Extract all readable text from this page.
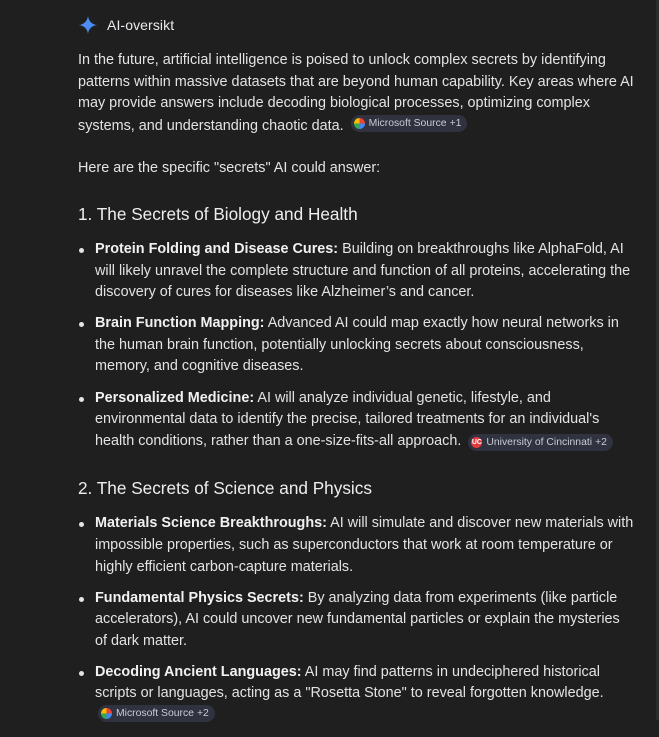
AI-oversikt

In the future, artificial intelligence is poised to unlock complex secrets by identifying patterns within massive datasets that are beyond human capability. Key areas where AI may provide answers include decoding biological processes, optimizing complex systems, and understanding chaotic data. Microsoft Source +1

Here are the specific "secrets" AI could answer:

1. The Secrets of Biology and Health
Protein Folding and Disease Cures: Building on breakthroughs like AlphaFold, AI will likely unravel the complete structure and function of all proteins, accelerating the discovery of cures for diseases like Alzheimer’s and cancer.
Brain Function Mapping: Advanced AI could map exactly how neural networks in the human brain function, potentially unlocking secrets about consciousness, memory, and cognitive diseases.
Personalized Medicine: AI will analyze individual genetic, lifestyle, and environmental data to identify the precise, tailored treatments for an individual's health conditions, rather than a one-size-fits-all approach. UC University of Cincinnati +2
2. The Secrets of Science and Physics
Materials Science Breakthroughs: AI will simulate and discover new materials with impossible properties, such as superconductors that work at room temperature or highly efficient carbon-capture materials.
Fundamental Physics Secrets: By analyzing data from experiments (like particle accelerators), AI could uncover new fundamental particles or explain the mysteries of dark matter.
Decoding Ancient Languages: AI may find patterns in undeciphered historical scripts or languages, acting as a "Rosetta Stone" to reveal forgotten knowledge.
Microsoft Source +2
